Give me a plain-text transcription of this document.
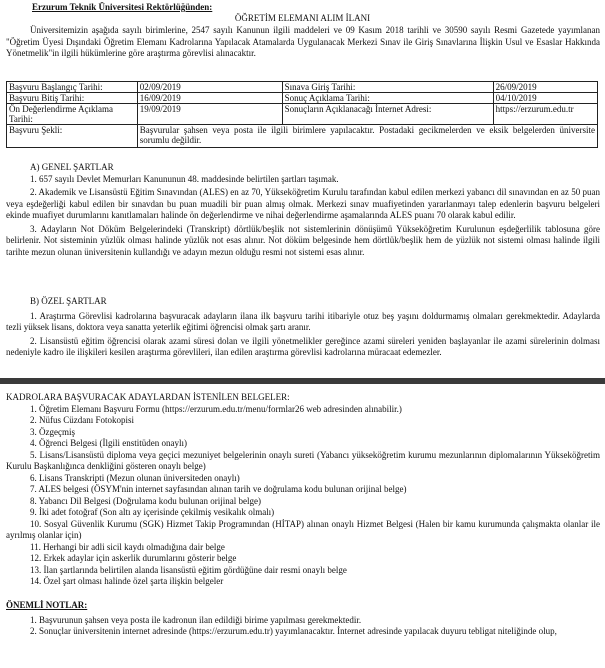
Erzurum Teknik Üniversitesi Rektörlüğünden:
ÖĞRETİM ELEMANI ALIM İLANI

Üniversitemizin aşağıda sayılı birimlerine, 2547 sayılı Kanunun ilgili maddeleri ve 09 Kasım 2018 tarihli ve 30590 sayılı Resmi Gazetede yayımlanan "Öğretim Üyesi Dışındaki Öğretim Elemanı Kadrolarına Yapılacak Atamalarda Uygulanacak Merkezi Sınav ile Giriş Sınavlarına İlişkin Usul ve Esaslar Hakkında Yönetmelik"in ilgili hükümlerine göre araştırma görevlisi alınacaktır.

Başvuru Başlangıç Tarihi:	02/09/2019	Sınava Giriş Tarihi:	26/09/2019
Başvuru Bitiş Tarihi:	16/09/2019	Sonuç Açıklama Tarihi:	04/10/2019
Ön Değerlendirme Açıklama Tarihi:	19/09/2019	Sonuçların Açıklanacağı İnternet Adresi:	https://erzurum.edu.tr
Başvuru Şekli:	Başvurular şahsen veya posta ile ilgili birimlere yapılacaktır. Postadaki gecikmelerden ve eksik belgelerden üniversite sorumlu değildir.		

A) GENEL ŞARTLAR

1. 657 sayılı Devlet Memurları Kanununun 48. maddesinde belirtilen şartları taşımak.

2. Akademik ve Lisansüstü Eğitim Sınavından (ALES) en az 70, Yükseköğretim Kurulu tarafından kabul edilen merkezi yabancı dil sınavından en az 50 puan veya eşdeğerliği kabul edilen bir sınavdan bu puan muadili bir puan almış olmak. Merkezi sınav muafiyetinden yararlanmayı talep edenlerin başvuru belgeleri ekinde muafiyet durumlarını kanıtlamaları halinde ön değerlendirme ve nihai değerlendirme aşamalarında ALES puanı 70 olarak kabul edilir.

3. Adayların Not Döküm Belgelerindeki (Transkript) dörtlük/beşlik not sistemlerinin dönüşümü Yükseköğretim Kurulunun eşdeğerlilik tablosuna göre belirlenir. Not sisteminin yüzlük olması halinde yüzlük not esas alınır. Not döküm belgesinde hem dörtlük/beşlik hem de yüzlük not sistemi olması halinde ilgili tarihte mezun olunan üniversitenin kullandığı ve adayın mezun olduğu resmi not sistemi esas alınır.

B) ÖZEL ŞARTLAR

1. Araştırma Görevlisi kadrolarına başvuracak adayların ilana ilk başvuru tarihi itibariyle otuz beş yaşını doldurmamış olmaları gerekmektedir. Adaylarda tezli yüksek lisans, doktora veya sanatta yeterlik eğitimi öğrencisi olmak şartı aranır.

2. Lisansüstü eğitim öğrencisi olarak azami süresi dolan ve ilgili yönetmelikler gereğince azami süreleri yeniden başlayanlar ile azami sürelerinin dolması nedeniyle kadro ile ilişkileri kesilen araştırma görevlileri, ilan edilen araştırma görevlisi kadrolarına müracaat edemezler.

KADROLARA BAŞVURACAK ADAYLARDAN İSTENİLEN BELGELER:

1. Öğretim Elemanı Başvuru Formu (https://erzurum.edu.tr/menu/formlar26 web adresinden alınabilir.)

2. Nüfus Cüzdanı Fotokopisi

3. Özgeçmiş

4. Öğrenci Belgesi (İlgili enstitüden onaylı)

5. Lisans/Lisansüstü diploma veya geçici mezuniyet belgelerinin onaylı sureti (Yabancı yükseköğretim kurumu mezunlarının diplomalarının Yükseköğretim Kurulu Başkanlığınca denkliğini gösteren onaylı belge)

6. Lisans Transkripti (Mezun olunan üniversiteden onaylı)

7. ALES belgesi (ÖSYM'nin internet sayfasından alınan tarih ve doğrulama kodu bulunan orijinal belge)

8. Yabancı Dil Belgesi (Doğrulama kodu bulunan orijinal belge)

9. İki adet fotoğraf (Son altı ay içerisinde çekilmiş vesikalık olmalı)

10. Sosyal Güvenlik Kurumu (SGK) Hizmet Takip Programından (HİTAP) alınan onaylı Hizmet Belgesi (Halen bir kamu kurumunda çalışmakta olanlar ile ayrılmış olanlar için)

11. Herhangi bir adli sicil kaydı olmadığına dair belge

12. Erkek adaylar için askerlik durumlarını gösterir belge

13. İlan şartlarında belirtilen alanda lisansüstü eğitim gördüğüne dair resmi onaylı belge

14. Özel şart olması halinde özel şarta ilişkin belgeler

ÖNEMLİ NOTLAR:

1. Başvurunun şahsen veya posta ile kadronun ilan edildiği birime yapılması gerekmektedir.

2. Sonuçlar üniversitenin internet adresinde (https://erzurum.edu.tr) yayımlanacaktır. İnternet adresinde yapılacak duyuru tebligat niteliğinde olup,
